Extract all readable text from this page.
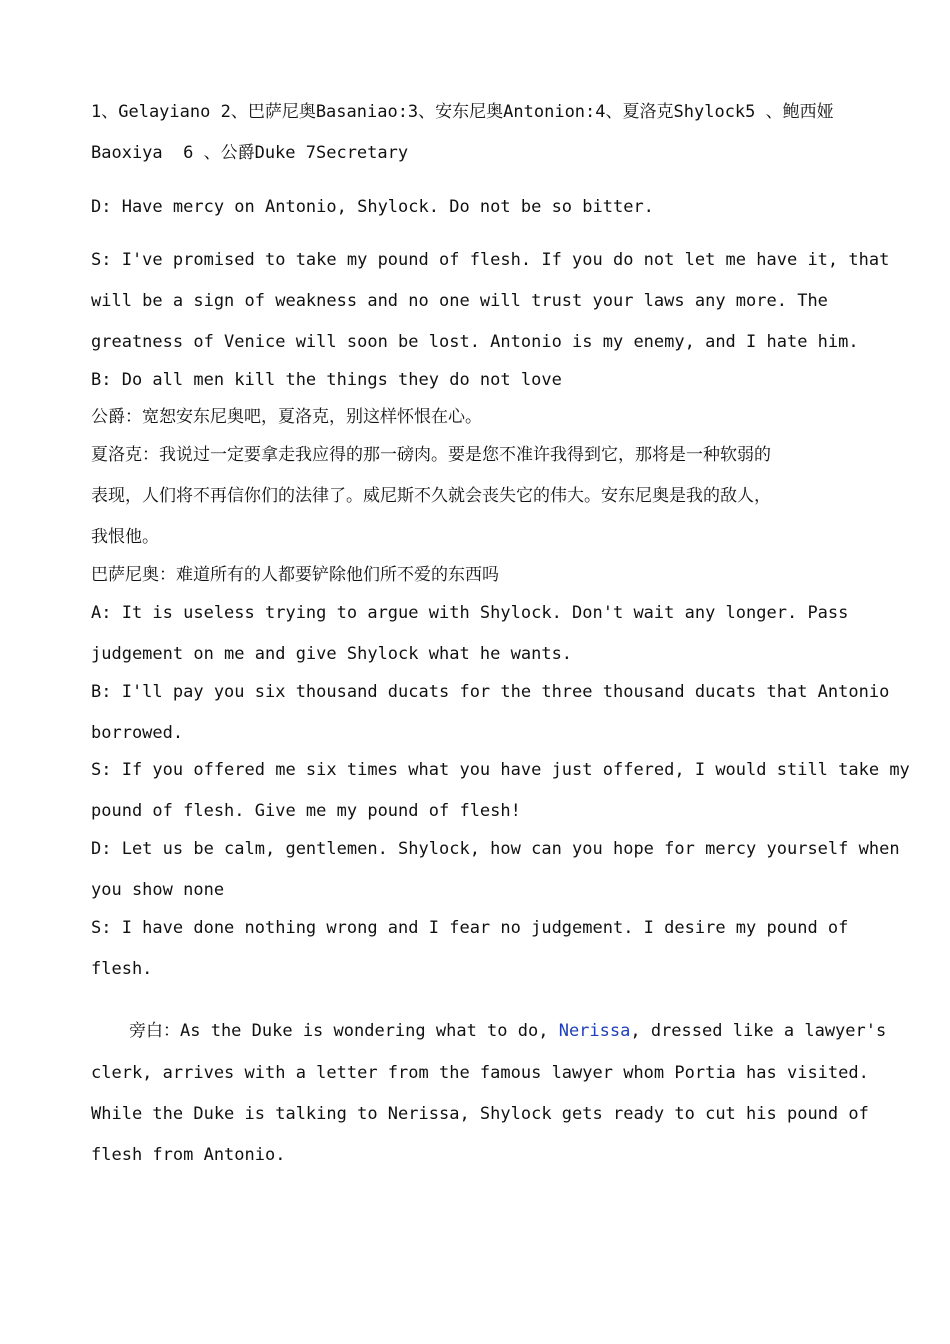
1、Gelayiano 2、巴萨尼奥Basaniao:3、安东尼奥Antonion:4、夏洛克Shylock5 、鲍西娅
Baoxiya  6 、公爵Duke 7Secretary
D: Have mercy on Antonio, Shylock. Do not be so bitter.
S: I've promised to take my pound of flesh. If you do not let me have it, that
will be a sign of weakness and no one will trust your laws any more. The
greatness of Venice will soon be lost. Antonio is my enemy, and I hate him.
B: Do all men kill the things they do not love
公爵：宽恕安东尼奥吧，夏洛克，别这样怀恨在心。
夏洛克：我说过一定要拿走我应得的那一磅肉。要是您不准许我得到它，那将是一种软弱的
表现，人们将不再信你们的法律了。威尼斯不久就会丧失它的伟大。安东尼奥是我的敌人，
我恨他。
巴萨尼奥：难道所有的人都要铲除他们所不爱的东西吗
A: It is useless trying to argue with Shylock. Don't wait any longer. Pass
judgement on me and give Shylock what he wants.
B: I'll pay you six thousand ducats for the three thousand ducats that Antonio
borrowed.
S: If you offered me six times what you have just offered, I would still take my
pound of flesh. Give me my pound of flesh!
D: Let us be calm, gentlemen. Shylock, how can you hope for mercy yourself when
you show none
S: I have done nothing wrong and I fear no judgement. I desire my pound of
flesh.
旁白：As the Duke is wondering what to do, Nerissa, dressed like a lawyer's
clerk, arrives with a letter from the famous lawyer whom Portia has visited.
While the Duke is talking to Nerissa, Shylock gets ready to cut his pound of
flesh from Antonio.
